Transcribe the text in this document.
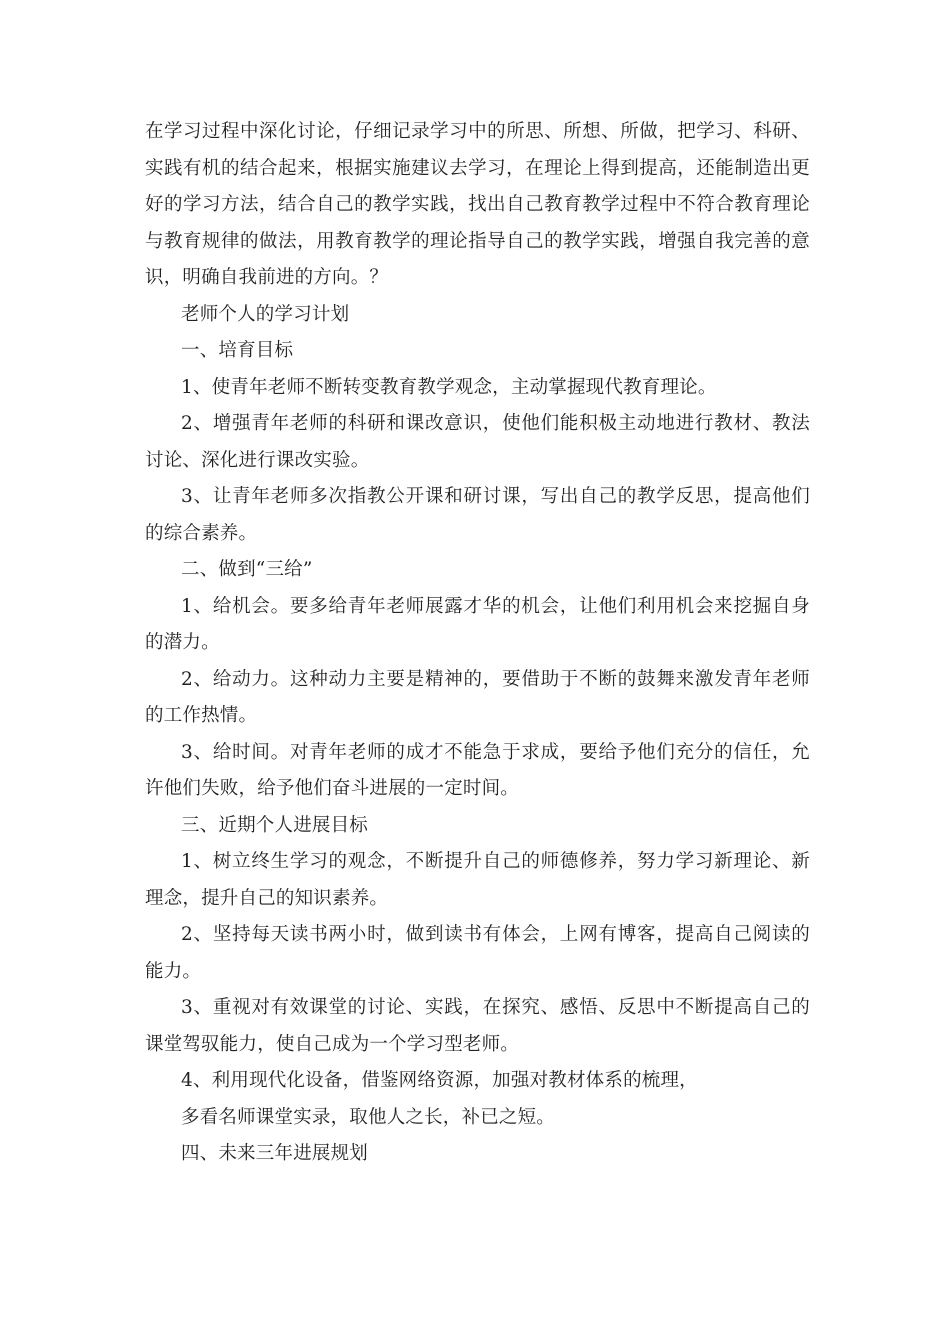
在学习过程中深化讨论，仔细记录学习中的所思、所想、所做，把学习、科研、实践有机的结合起来，根据实施建议去学习，在理论上得到提高，还能制造出更好的学习方法，结合自己的教学实践，找出自己教育教学过程中不符合教育理论与教育规律的做法，用教育教学的理论指导自己的教学实践，增强自我完善的意识，明确自我前进的方向。？

老师个人的学习计划

一、培育目标

1、使青年老师不断转变教育教学观念，主动掌握现代教育理论。

2、增强青年老师的科研和课改意识，使他们能积极主动地进行教材、教法讨论、深化进行课改实验。

3、让青年老师多次指教公开课和研讨课，写出自己的教学反思，提高他们的综合素养。

二、做到“三给”

1、给机会。要多给青年老师展露才华的机会，让他们利用机会来挖掘自身的潜力。

2、给动力。这种动力主要是精神的，要借助于不断的鼓舞来激发青年老师的工作热情。

3、给时间。对青年老师的成才不能急于求成，要给予他们充分的信任，允许他们失败，给予他们奋斗进展的一定时间。

三、近期个人进展目标

1、树立终生学习的观念，不断提升自己的师德修养，努力学习新理论、新理念，提升自己的知识素养。

2、坚持每天读书两小时，做到读书有体会，上网有博客，提高自己阅读的能力。

3、重视对有效课堂的讨论、实践，在探究、感悟、反思中不断提高自己的课堂驾驭能力，使自己成为一个学习型老师。

4、利用现代化设备，借鉴网络资源，加强对教材体系的梳理，

多看名师课堂实录，取他人之长，补已之短。

四、未来三年进展规划
